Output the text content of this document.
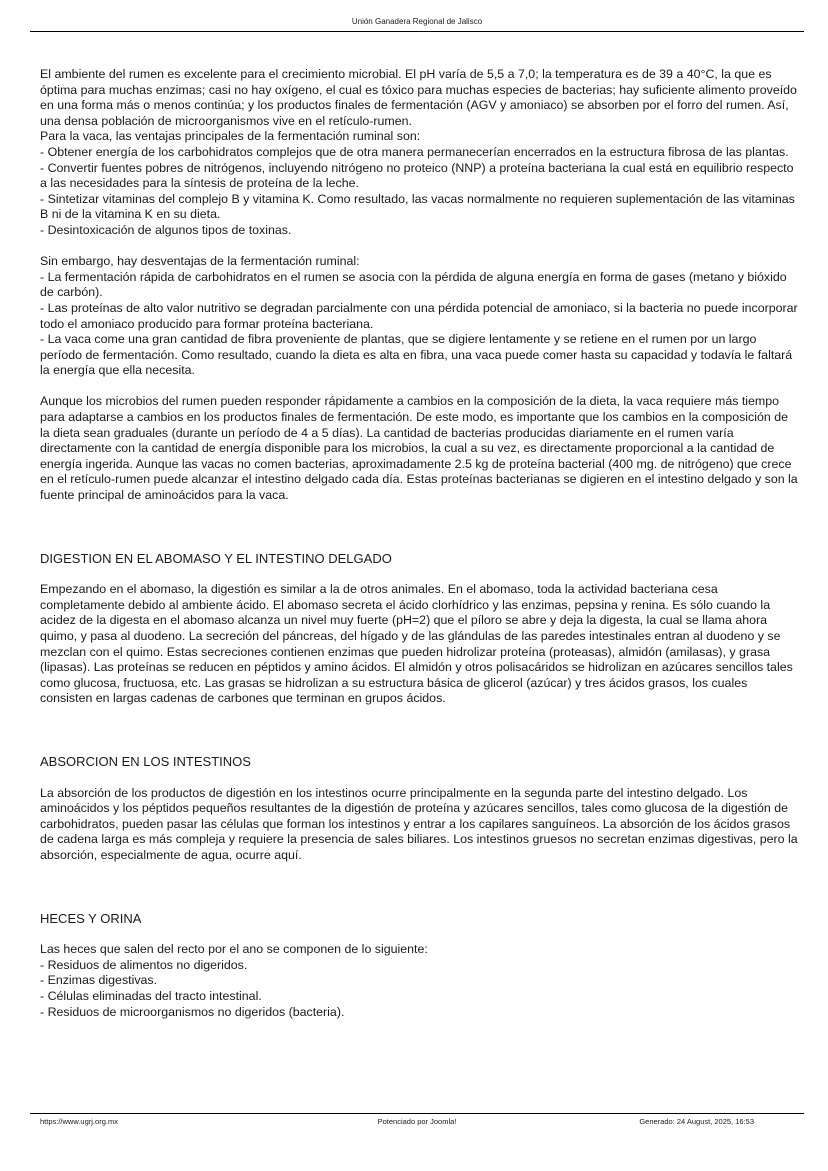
Unión Ganadera Regional de Jalisco

El ambiente del rumen es excelente para el crecimiento microbial. El pH varía de 5,5 a 7,0; la temperatura es de 39 a 40°C, la que es óptima para muchas enzimas; casi no hay oxígeno, el cual es tóxico para muchas especies de bacterias; hay suficiente alimento proveído en una forma más o menos continúa; y los productos finales de fermentación (AGV y amoniaco) se absorben por el forro del rumen. Así, una densa población de microorganismos vive en el retículo-rumen.

Para la vaca, las ventajas principales de la fermentación ruminal son:

- Obtener energía de los carbohidratos complejos que de otra manera permanecerían encerrados en la estructura fibrosa de las plantas.

- Convertir fuentes pobres de nitrógenos, incluyendo nitrógeno no proteico (NNP) a proteína bacteriana la cual está en equilibrio respecto a las necesidades para la síntesis de proteína de la leche.

- Sintetizar vitaminas del complejo B y vitamina K. Como resultado, las vacas normalmente no requieren suplementación de las vitaminas B ni de la vitamina K en su dieta.

- Desintoxicación de algunos tipos de toxinas.

Sin embargo, hay desventajas de la fermentación ruminal:

- La fermentación rápida de carbohidratos en el rumen se asocia con la pérdida de alguna energía en forma de gases (metano y bióxido de carbón).

- Las proteínas de alto valor nutritivo se degradan parcialmente con una pérdida potencial de amoniaco, si la bacteria no puede incorporar todo el amoniaco producido para formar proteína bacteriana.

- La vaca come una gran cantidad de fibra proveniente de plantas, que se digiere lentamente y se retiene en el rumen por un largo período de fermentación. Como resultado, cuando la dieta es alta en fibra, una vaca puede comer hasta su capacidad y todavía le faltará la energía que ella necesita.

Aunque los microbios del rumen pueden responder rápidamente a cambios en la composición de la dieta, la vaca requiere más tiempo para adaptarse a cambios en los productos finales de fermentación. De este modo, es importante que los cambios en la composición de la dieta sean graduales (durante un período de 4 a 5 días). La cantidad de bacterias producidas diariamente en el rumen varía directamente con la cantidad de energía disponible para los microbios, la cual a su vez, es directamente proporcional a la cantidad de energía ingerida. Aunque las vacas no comen bacterias, aproximadamente 2.5 kg de proteína bacterial (400 mg. de nitrógeno) que crece en el retículo-rumen puede alcanzar el intestino delgado cada día. Estas proteínas bacterianas se digieren en el intestino delgado y son la fuente principal de aminoácidos para la vaca.

DIGESTION EN EL ABOMASO Y EL INTESTINO DELGADO

Empezando en el abomaso, la digestión es similar a la de otros animales. En el abomaso, toda la actividad bacteriana cesa completamente debido al ambiente ácido. El abomaso secreta el ácido clorhídrico y las enzimas, pepsina y renina. Es sólo cuando la acidez de la digesta en el abomaso alcanza un nivel muy fuerte (pH=2) que el píloro se abre y deja la digesta, la cual se llama ahora quimo, y pasa al duodeno. La secreción del páncreas, del hígado y de las glándulas de las paredes intestinales entran al duodeno y se mezclan con el quimo. Estas secreciones contienen enzimas que pueden hidrolizar proteína (proteasas), almidón (amilasas), y grasa (lipasas). Las proteínas se reducen en péptidos y amino ácidos. El almidón y otros polisacáridos se hidrolizan en azúcares sencillos tales como glucosa, fructuosa, etc. Las grasas se hidrolizan a su estructura básica de glicerol (azúcar) y tres ácidos grasos, los cuales consisten en largas cadenas de carbones que terminan en grupos ácidos.

ABSORCION EN LOS INTESTINOS

La absorción de los productos de digestión en los intestinos ocurre principalmente en la segunda parte del intestino delgado. Los aminoácidos y los péptidos pequeños resultantes de la digestión de proteína y azúcares sencillos, tales como glucosa de la digestión de carbohidratos, pueden pasar las células que forman los intestinos y entrar a los capilares sanguíneos. La absorción de los ácidos grasos de cadena larga es más compleja y requiere la presencia de sales biliares. Los intestinos gruesos no secretan enzimas digestivas, pero la absorción, especialmente de agua, ocurre aquí.

HECES Y ORINA

Las heces que salen del recto por el ano se componen de lo siguiente:

- Residuos de alimentos no digeridos.

- Enzimas digestivas.

- Células eliminadas del tracto intestinal.

- Residuos de microorganismos no digeridos (bacteria).

https://www.ugrj.org.mx	Potenciado por Joomla!	Generado: 24 August, 2025, 16:53
